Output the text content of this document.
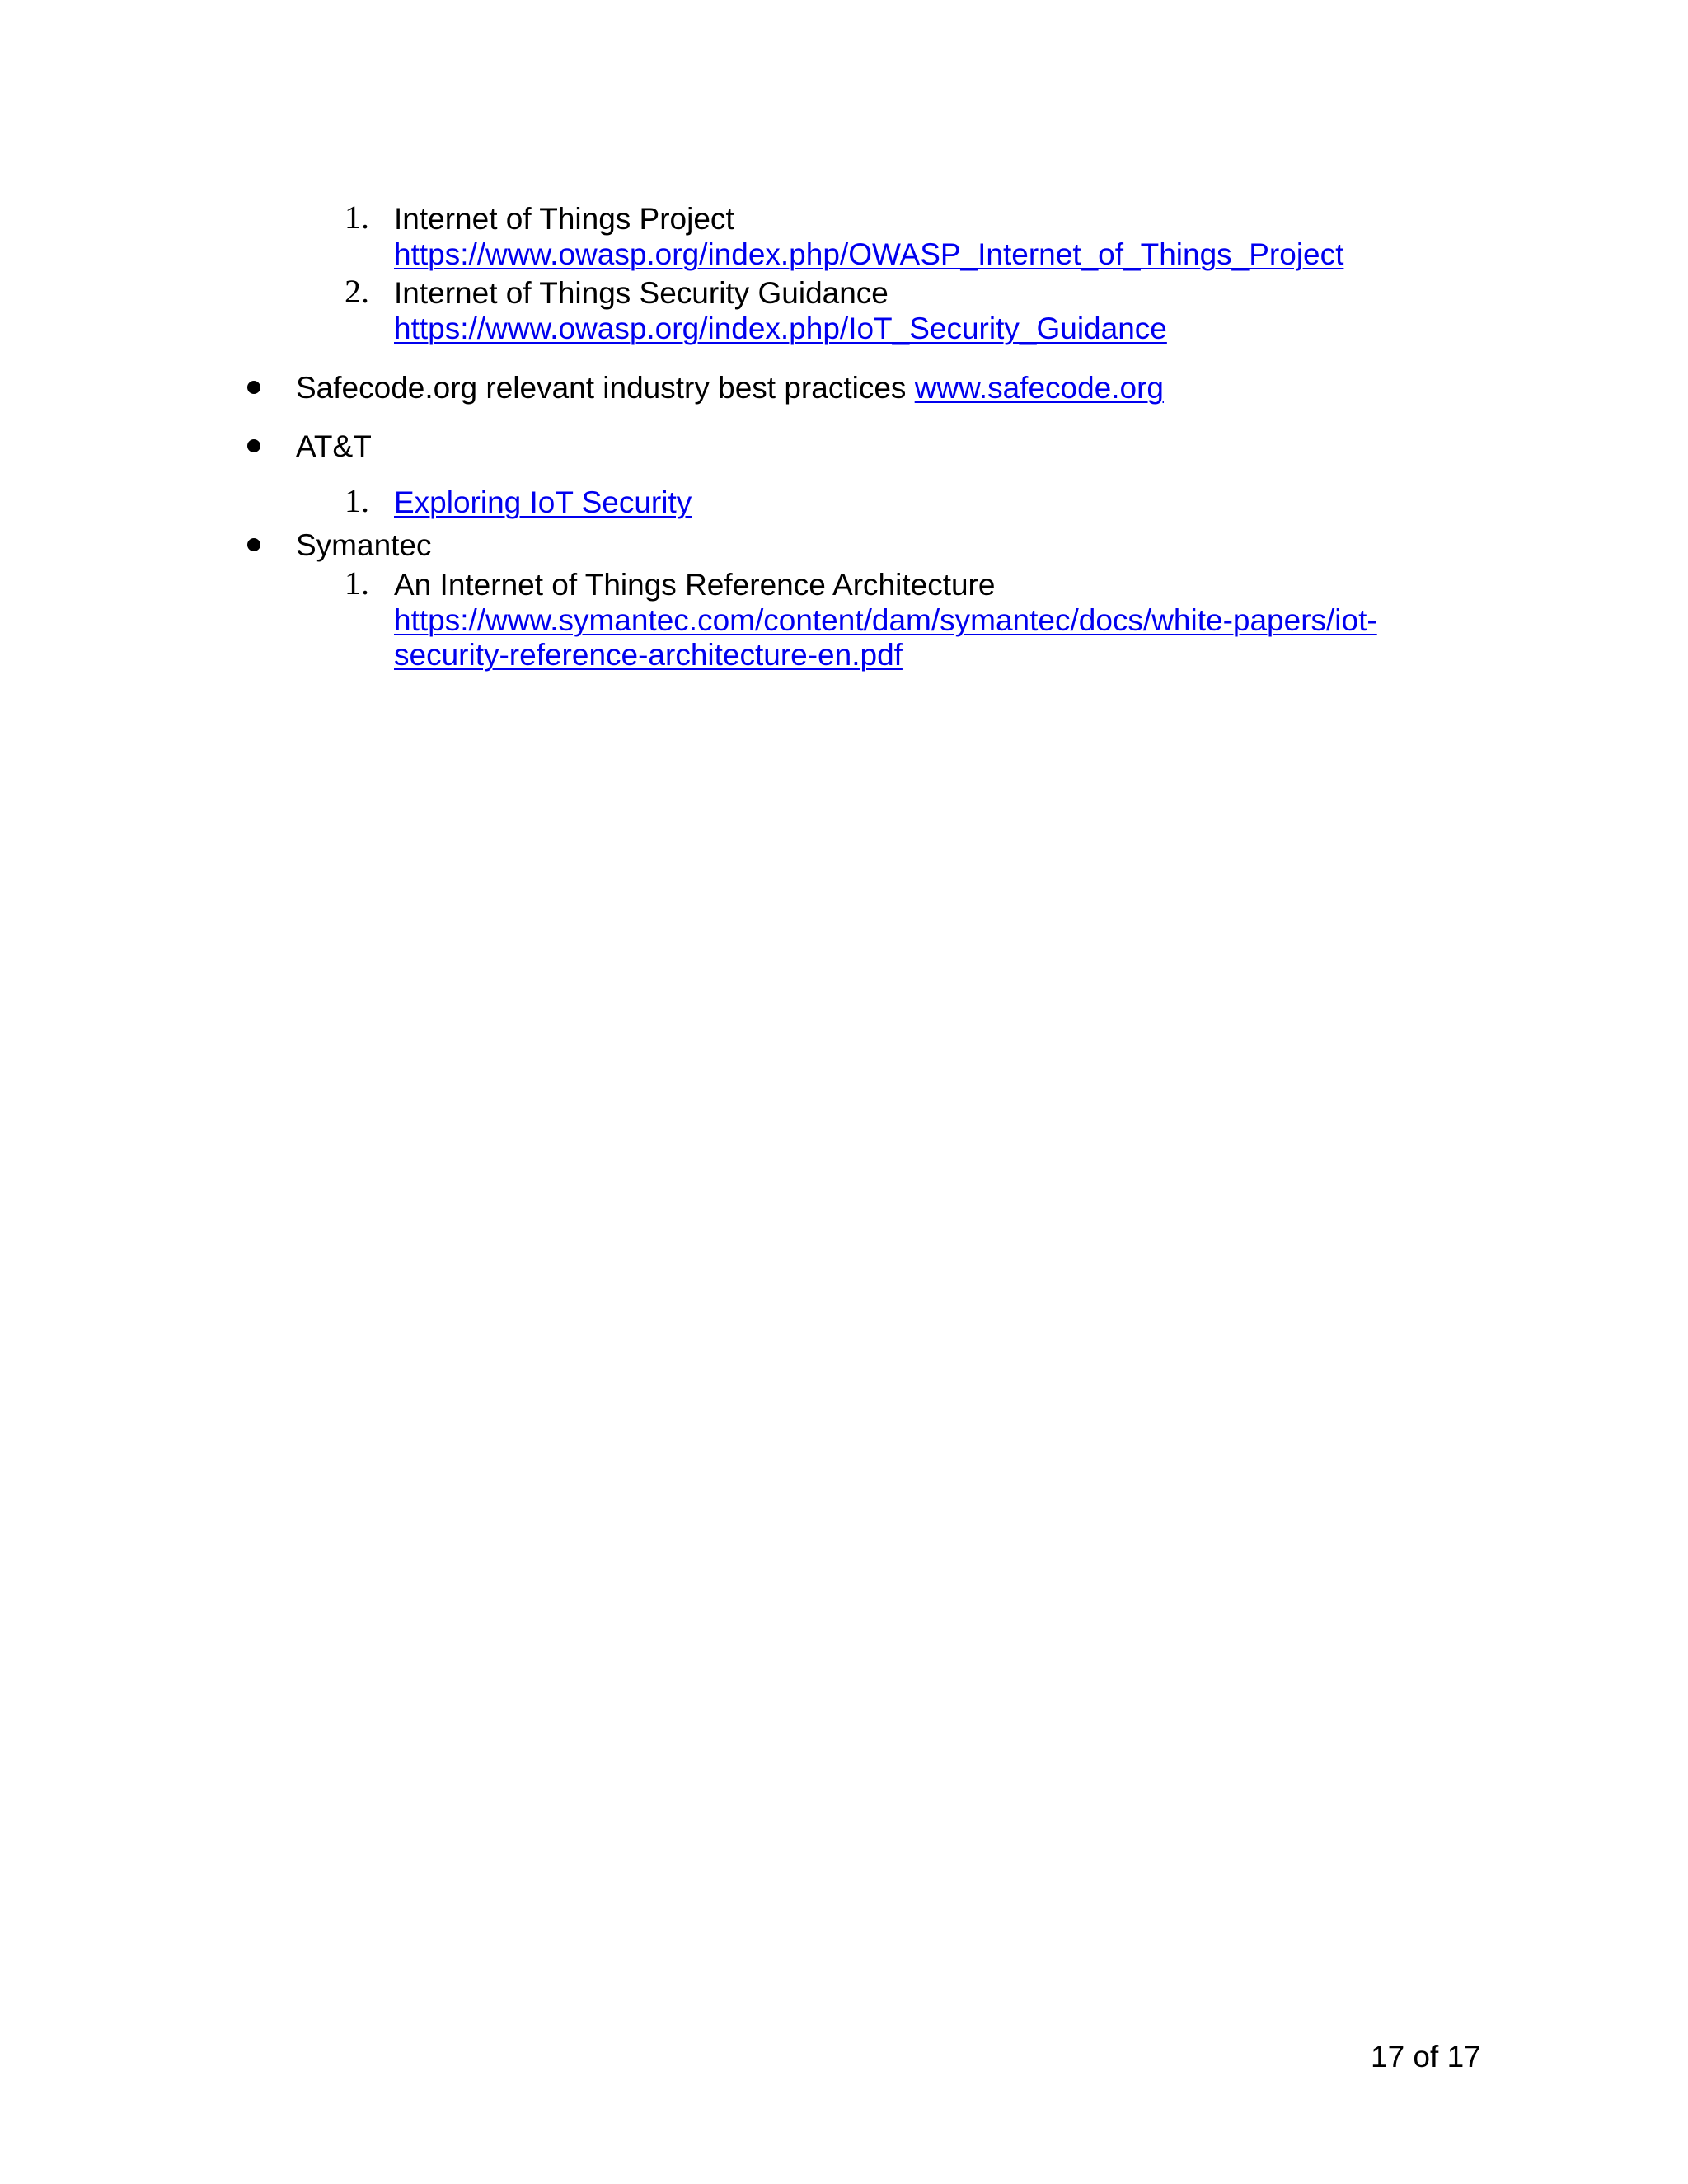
1. Internet of Things Project
https://www.owasp.org/index.php/OWASP_Internet_of_Things_Project
2. Internet of Things Security Guidance
https://www.owasp.org/index.php/IoT_Security_Guidance
Safecode.org relevant industry best practices www.safecode.org
AT&T
1. Exploring IoT Security
Symantec
1. An Internet of Things Reference Architecture
https://www.symantec.com/content/dam/symantec/docs/white-papers/iot-
security-reference-architecture-en.pdf
17 of 17
